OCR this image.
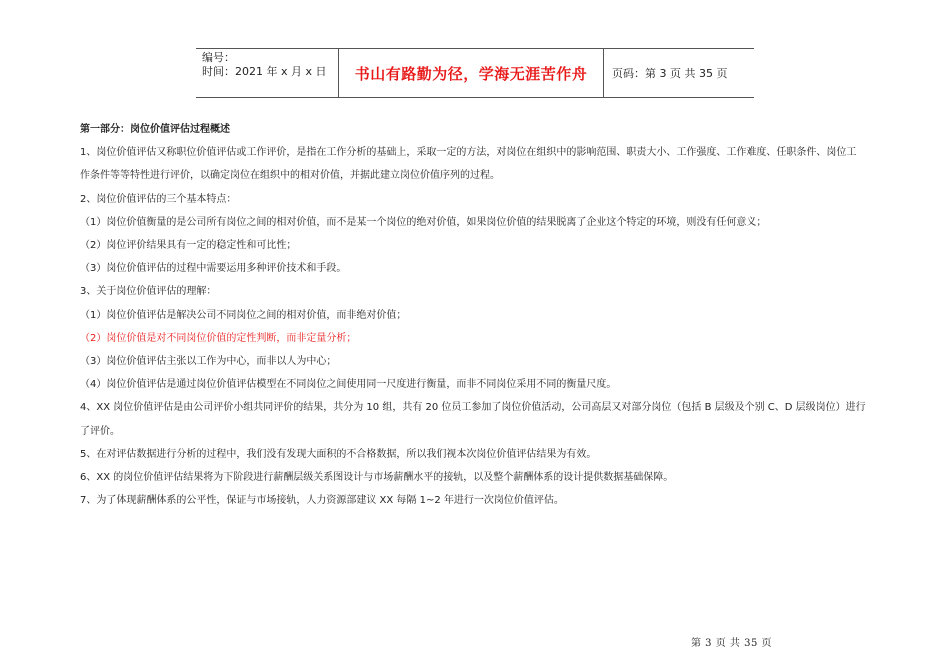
编号：
时间：2021 年 x 月 x 日	书山有路勤为径，学海无涯苦作舟	页码：第 3 页 共 35 页

第一部分：岗位价值评估过程概述

1、岗位价值评估又称职位价值评估或工作评价，是指在工作分析的基础上，采取一定的方法，对岗位在组织中的影响范围、职责大小、工作强度、工作难度、任职条件、岗位工

作条件等等特性进行评价，以确定岗位在组织中的相对价值，并据此建立岗位价值序列的过程。

2、岗位价值评估的三个基本特点：

（1）岗位价值衡量的是公司所有岗位之间的相对价值，而不是某一个岗位的绝对价值，如果岗位价值的结果脱离了企业这个特定的环境，则没有任何意义；

（2）岗位评价结果具有一定的稳定性和可比性；

（3）岗位价值评估的过程中需要运用多种评价技术和手段。

3、关于岗位价值评估的理解：

（1）岗位价值评估是解决公司不同岗位之间的相对价值，而非绝对价值；

（2）岗位价值是对不同岗位价值的定性判断，而非定量分析；

（3）岗位价值评估主张以工作为中心，而非以人为中心；

（4）岗位价值评估是通过岗位价值评估模型在不同岗位之间使用同一尺度进行衡量，而非不同岗位采用不同的衡量尺度。

4、XX 岗位价值评估是由公司评价小组共同评价的结果，共分为 10 组，共有 20 位员工参加了岗位价值活动，公司高层又对部分岗位（包括 B 层级及个别 C、D 层级岗位）进行

了评价。

5、在对评估数据进行分析的过程中，我们没有发现大面积的不合格数据，所以我们视本次岗位价值评估结果为有效。

6、XX 的岗位价值评估结果将为下阶段进行薪酬层级关系图设计与市场薪酬水平的接轨，以及整个薪酬体系的设计提供数据基础保障。

7、为了体现薪酬体系的公平性，保证与市场接轨，人力资源部建议 XX 每隔 1~2 年进行一次岗位价值评估。

第 3 页 共 35 页
